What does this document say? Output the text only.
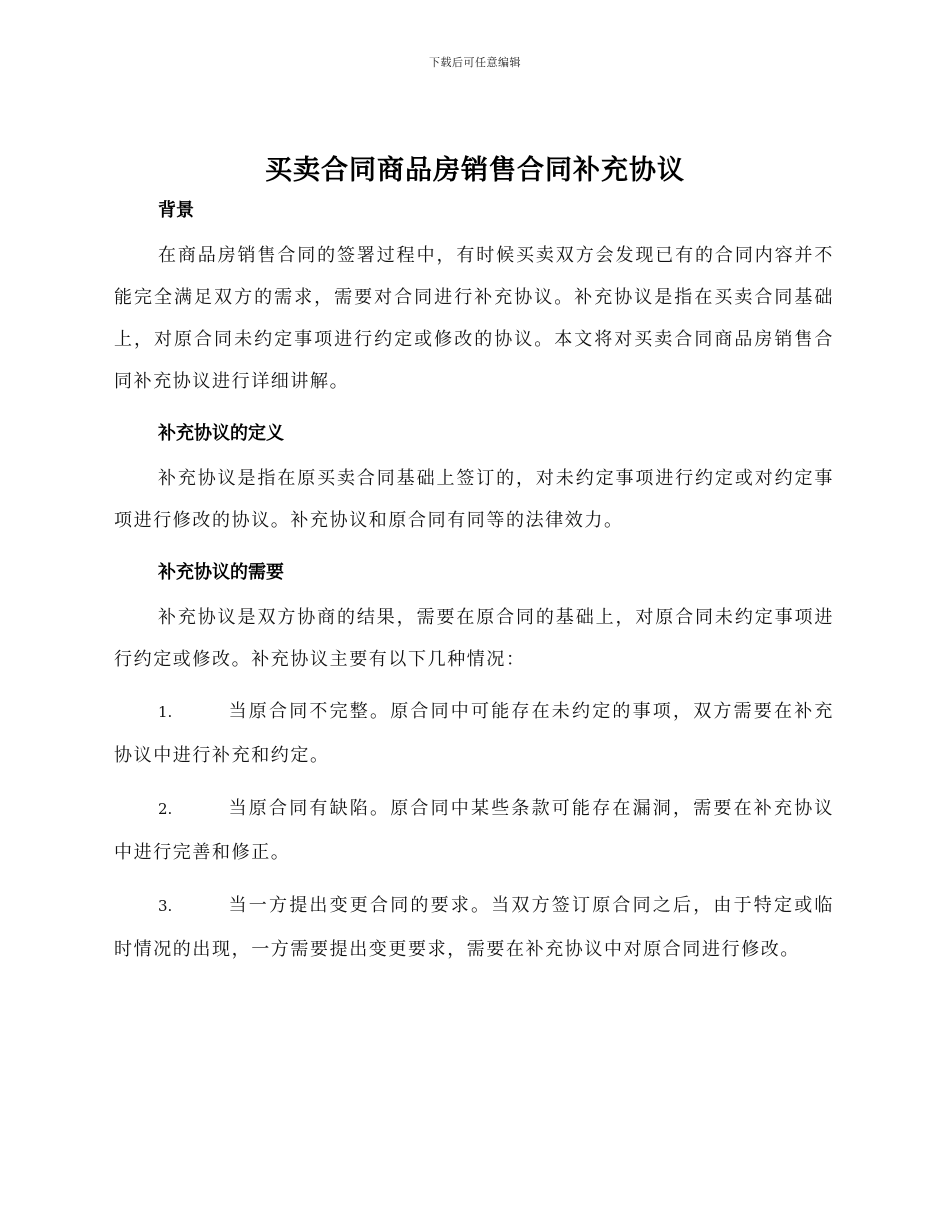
下载后可任意编辑
买卖合同商品房销售合同补充协议

背景

在商品房销售合同的签署过程中，有时候买卖双方会发现已有的合同内容并不能完全满足双方的需求，需要对合同进行补充协议。补充协议是指在买卖合同基础上，对原合同未约定事项进行约定或修改的协议。本文将对买卖合同商品房销售合同补充协议进行详细讲解。

补充协议的定义

补充协议是指在原买卖合同基础上签订的，对未约定事项进行约定或对约定事项进行修改的协议。补充协议和原合同有同等的法律效力。

补充协议的需要

补充协议是双方协商的结果，需要在原合同的基础上，对原合同未约定事项进行约定或修改。补充协议主要有以下几种情况：

1.	当原合同不完整。原合同中可能存在未约定的事项，双方需要在补充协议中进行补充和约定。

2.	当原合同有缺陷。原合同中某些条款可能存在漏洞，需要在补充协议中进行完善和修正。

3.	当一方提出变更合同的要求。当双方签订原合同之后，由于特定或临时情况的出现，一方需要提出变更要求，需要在补充协议中对原合同进行修改。
